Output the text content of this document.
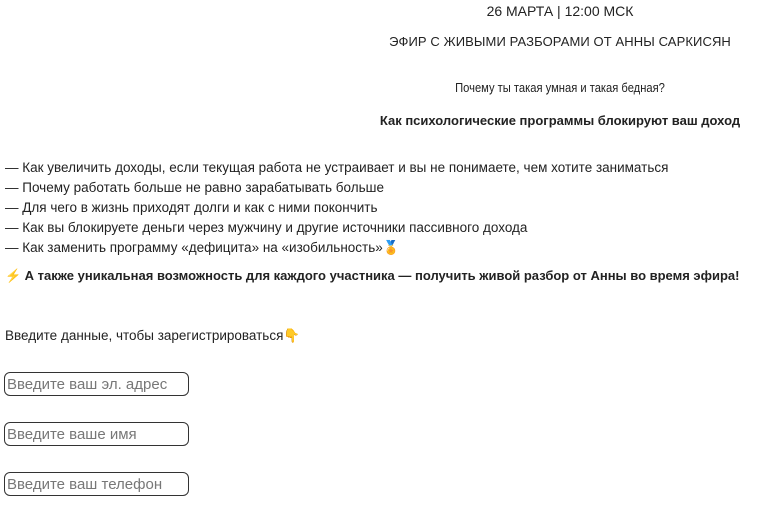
26 МАРТА | 12:00 МСК
ЭФИР С ЖИВЫМИ РАЗБОРАМИ ОТ АННЫ САРКИСЯН
Почему ты такая умная и такая бедная?
Как психологические программы блокируют ваш доход
— Как увеличить доходы, если текущая работа не устраивает и вы не понимаете, чем хотите заниматься
— Почему работать больше не равно зарабатывать больше
— Для чего в жизнь приходят долги и как с ними покончить
— Как вы блокируете деньги через мужчину и другие источники пассивного дохода
— Как заменить программу «дефицита» на «изобильность»🏅
⚡ А также уникальная возможность для каждого участника — получить живой разбор от Анны во время эфира!
Введите данные, чтобы зарегистрироваться👇
Введите ваш эл. адрес
Введите ваше имя
Введите ваш телефон
